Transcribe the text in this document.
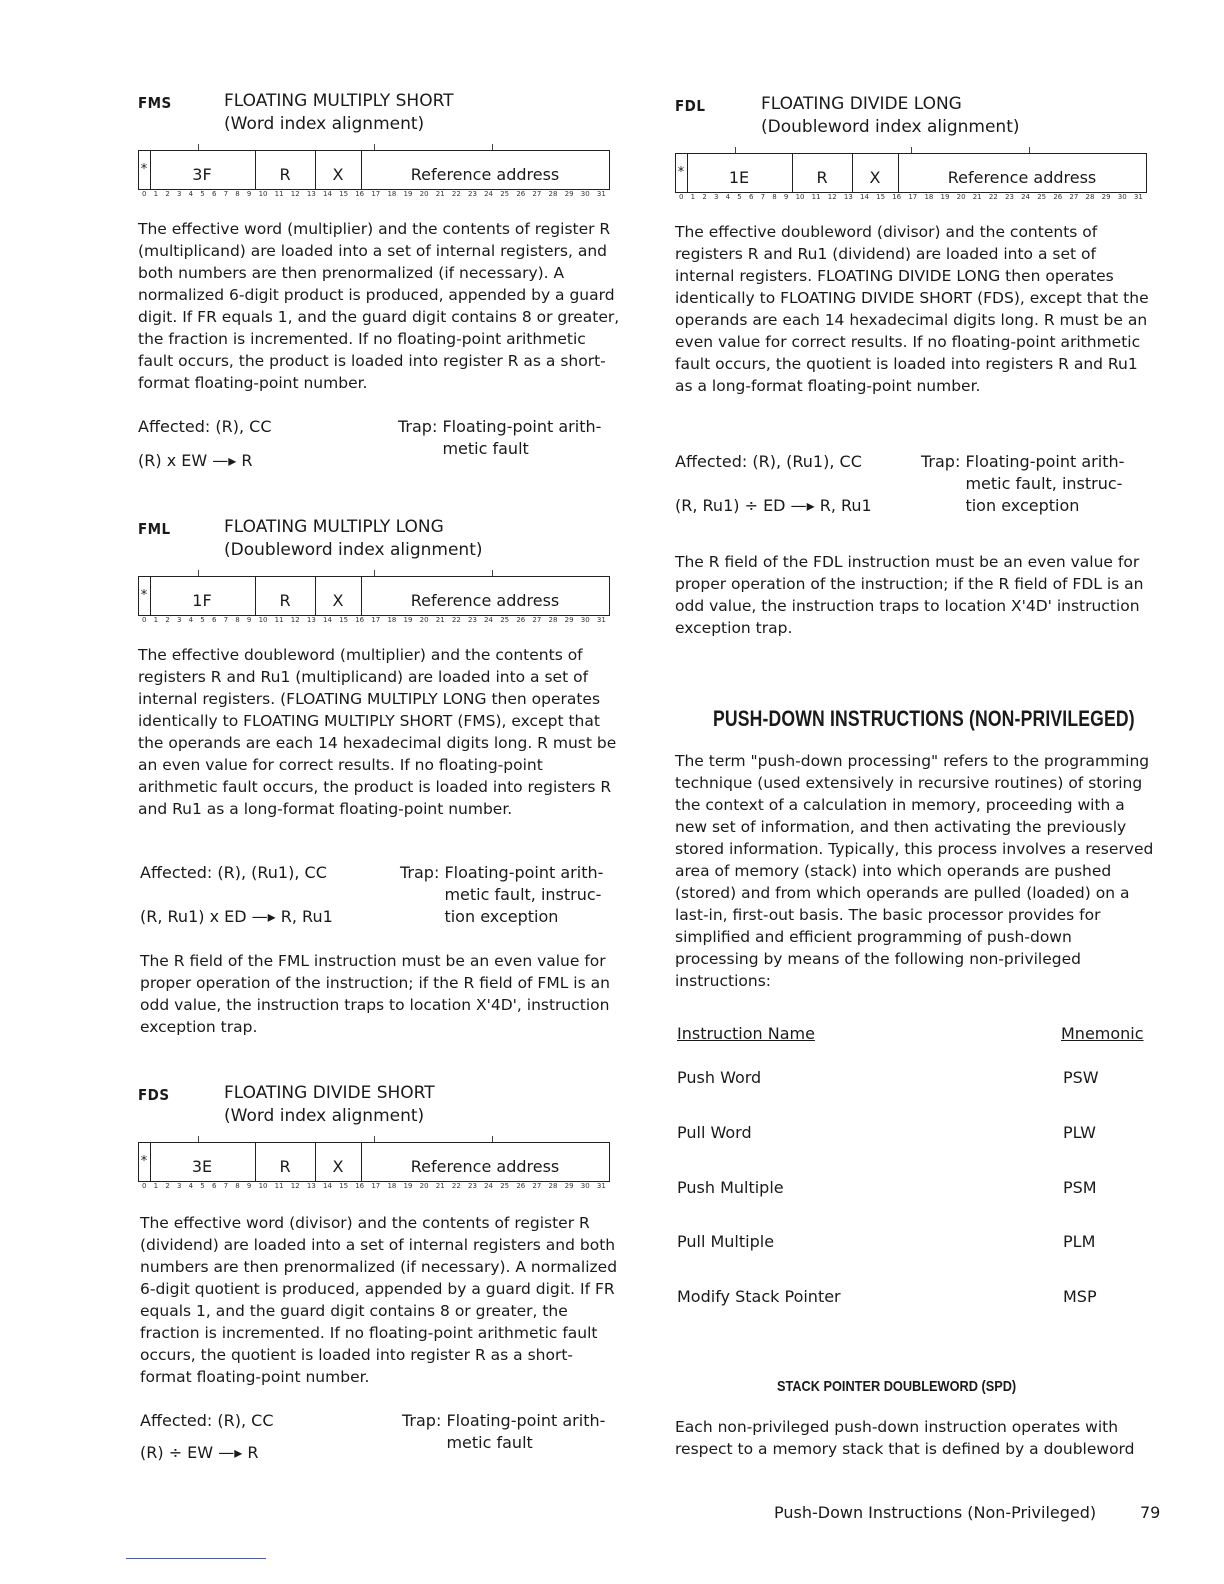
FMS	FLOATING MULTIPLY SHORT
(Word index alignment)
*	3F	R	X	Reference address
0 1 2 3 4 5 6 7 8 9 10 11 12 13 14 15 16 17 18 19 20 21 22 23 24 25 26 27 28 29 30 31

The effective word (multiplier) and the contents of register R (multiplicand) are loaded into a set of internal registers, and both numbers are then prenormalized (if necessary). A normalized 6-digit product is produced, appended by a guard digit. If FR equals 1, and the guard digit contains 8 or greater, the fraction is incremented. If no floating-point arithmetic fault occurs, the product is loaded into register R as a short-format floating-point number.

Affected: (R), CC
(R) x EW —▸ R
Trap: Floating-point arith-metic fault
FML	FLOATING MULTIPLY LONG
(Doubleword index alignment)
*	1F	R	X	Reference address
0 1 2 3 4 5 6 7 8 9 10 11 12 13 14 15 16 17 18 19 20 21 22 23 24 25 26 27 28 29 30 31

The effective doubleword (multiplier) and the contents of registers R and Ru1 (multiplicand) are loaded into a set of internal registers. (FLOATING MULTIPLY LONG then operates identically to FLOATING MULTIPLY SHORT (FMS), except that the operands are each 14 hexadecimal digits long. R must be an even value for correct results. If no floating-point arithmetic fault occurs, the product is loaded into registers R and Ru1 as a long-format floating-point number.

Affected: (R), (Ru1), CC
(R, Ru1) x ED —▸ R, Ru1
Trap: Floating-point arith-metic fault, instruc-tion exception

The R field of the FML instruction must be an even value for proper operation of the instruction; if the R field of FML is an odd value, the instruction traps to location X'4D', instruction exception trap.

FDS	FLOATING DIVIDE SHORT
(Word index alignment)
*	3E	R	X	Reference address
0 1 2 3 4 5 6 7 8 9 10 11 12 13 14 15 16 17 18 19 20 21 22 23 24 25 26 27 28 29 30 31

The effective word (divisor) and the contents of register R (dividend) are loaded into a set of internal registers and both numbers are then prenormalized (if necessary). A normalized 6-digit quotient is produced, appended by a guard digit. If FR equals 1, and the guard digit contains 8 or greater, the fraction is incremented. If no floating-point arithmetic fault occurs, the quotient is loaded into register R as a short-format floating-point number.

Affected: (R), CC
(R) ÷ EW —▸ R
Trap: Floating-point arith-metic fault
FDL	FLOATING DIVIDE LONG
(Doubleword index alignment)
*	1E	R	X	Reference address
0 1 2 3 4 5 6 7 8 9 10 11 12 13 14 15 16 17 18 19 20 21 22 23 24 25 26 27 28 29 30 31

The effective doubleword (divisor) and the contents of registers R and Ru1 (dividend) are loaded into a set of internal registers. FLOATING DIVIDE LONG then operates identically to FLOATING DIVIDE SHORT (FDS), except that the operands are each 14 hexadecimal digits long. R must be an even value for correct results. If no floating-point arithmetic fault occurs, the quotient is loaded into registers R and Ru1 as a long-format floating-point number.

Affected: (R), (Ru1), CC
(R, Ru1) ÷ ED —▸ R, Ru1
Trap: Floating-point arith-metic fault, instruc-tion exception

The R field of the FDL instruction must be an even value for proper operation of the instruction; if the R field of FDL is an odd value, the instruction traps to location X'4D' instruction exception trap.

PUSH-DOWN INSTRUCTIONS (NON-PRIVILEGED)

The term "push-down processing" refers to the programming technique (used extensively in recursive routines) of storing the context of a calculation in memory, proceeding with a new set of information, and then activating the previously stored information. Typically, this process involves a reserved area of memory (stack) into which operands are pushed (stored) and from which operands are pulled (loaded) on a last-in, first-out basis. The basic processor provides for simplified and efficient programming of push-down processing by means of the following non-privileged instructions:

Instruction Name	Mnemonic
Push Word	PSW
Pull Word	PLW
Push Multiple	PSM
Pull Multiple	PLM
Modify Stack Pointer	MSP
STACK POINTER DOUBLEWORD (SPD)

Each non-privileged push-down instruction operates with respect to a memory stack that is defined by a doubleword

Push-Down Instructions (Non-Privileged)	79
